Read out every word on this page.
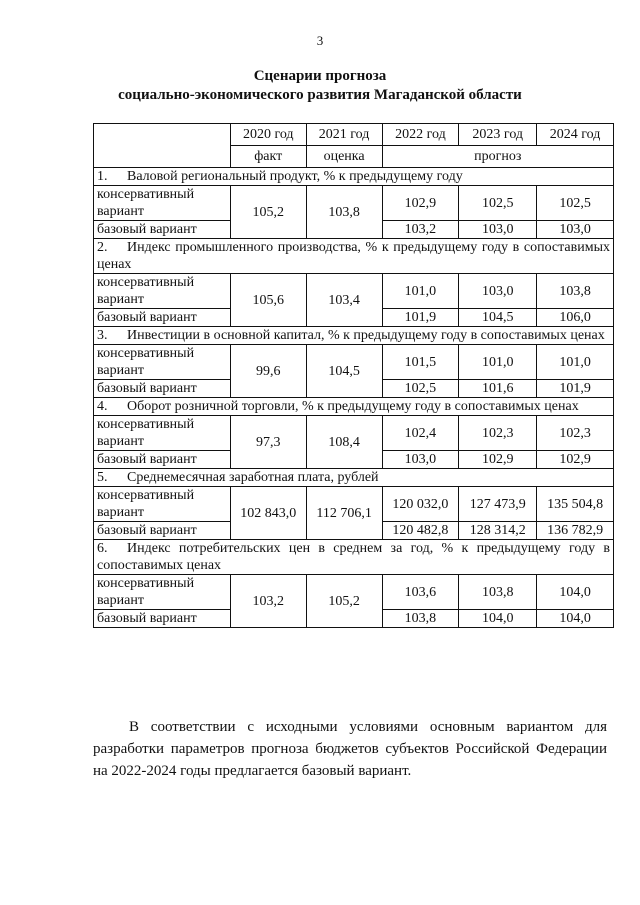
3
Сценарии прогноза
социально-экономического развития Магаданской области
	2020 год	2021 год	2022 год	2023 год	2024 год
	факт	оценка	прогноз		
1. Валовой региональный продукт, % к предыдущему году					
консервативный вариант	105,2	103,8	102,9	102,5	102,5
базовый вариант			103,2	103,0	103,0
2. Индекс промышленного производства, % к предыдущему году в сопоставимых ценах					
консервативный вариант	105,6	103,4	101,0	103,0	103,8
базовый вариант			101,9	104,5	106,0
3. Инвестиции в основной капитал, % к предыдущему году в сопоставимых ценах					
консервативный вариант	99,6	104,5	101,5	101,0	101,0
базовый вариант			102,5	101,6	101,9
4. Оборот розничной торговли, % к предыдущему году в сопоставимых ценах					
консервативный вариант	97,3	108,4	102,4	102,3	102,3
базовый вариант			103,0	102,9	102,9
5. Среднемесячная заработная плата, рублей					
консервативный вариант	102 843,0	112 706,1	120 032,0	127 473,9	135 504,8
базовый вариант			120 482,8	128 314,2	136 782,9
6. Индекс потребительских цен в среднем за год, % к предыдущему году в сопоставимых ценах					
консервативный вариант	103,2	105,2	103,6	103,8	104,0
базовый вариант			103,8	104,0	104,0
В соответствии с исходными условиями основным вариантом для разработки параметров прогноза бюджетов субъектов Российской Федерации на 2022-2024 годы предлагается базовый вариант.
